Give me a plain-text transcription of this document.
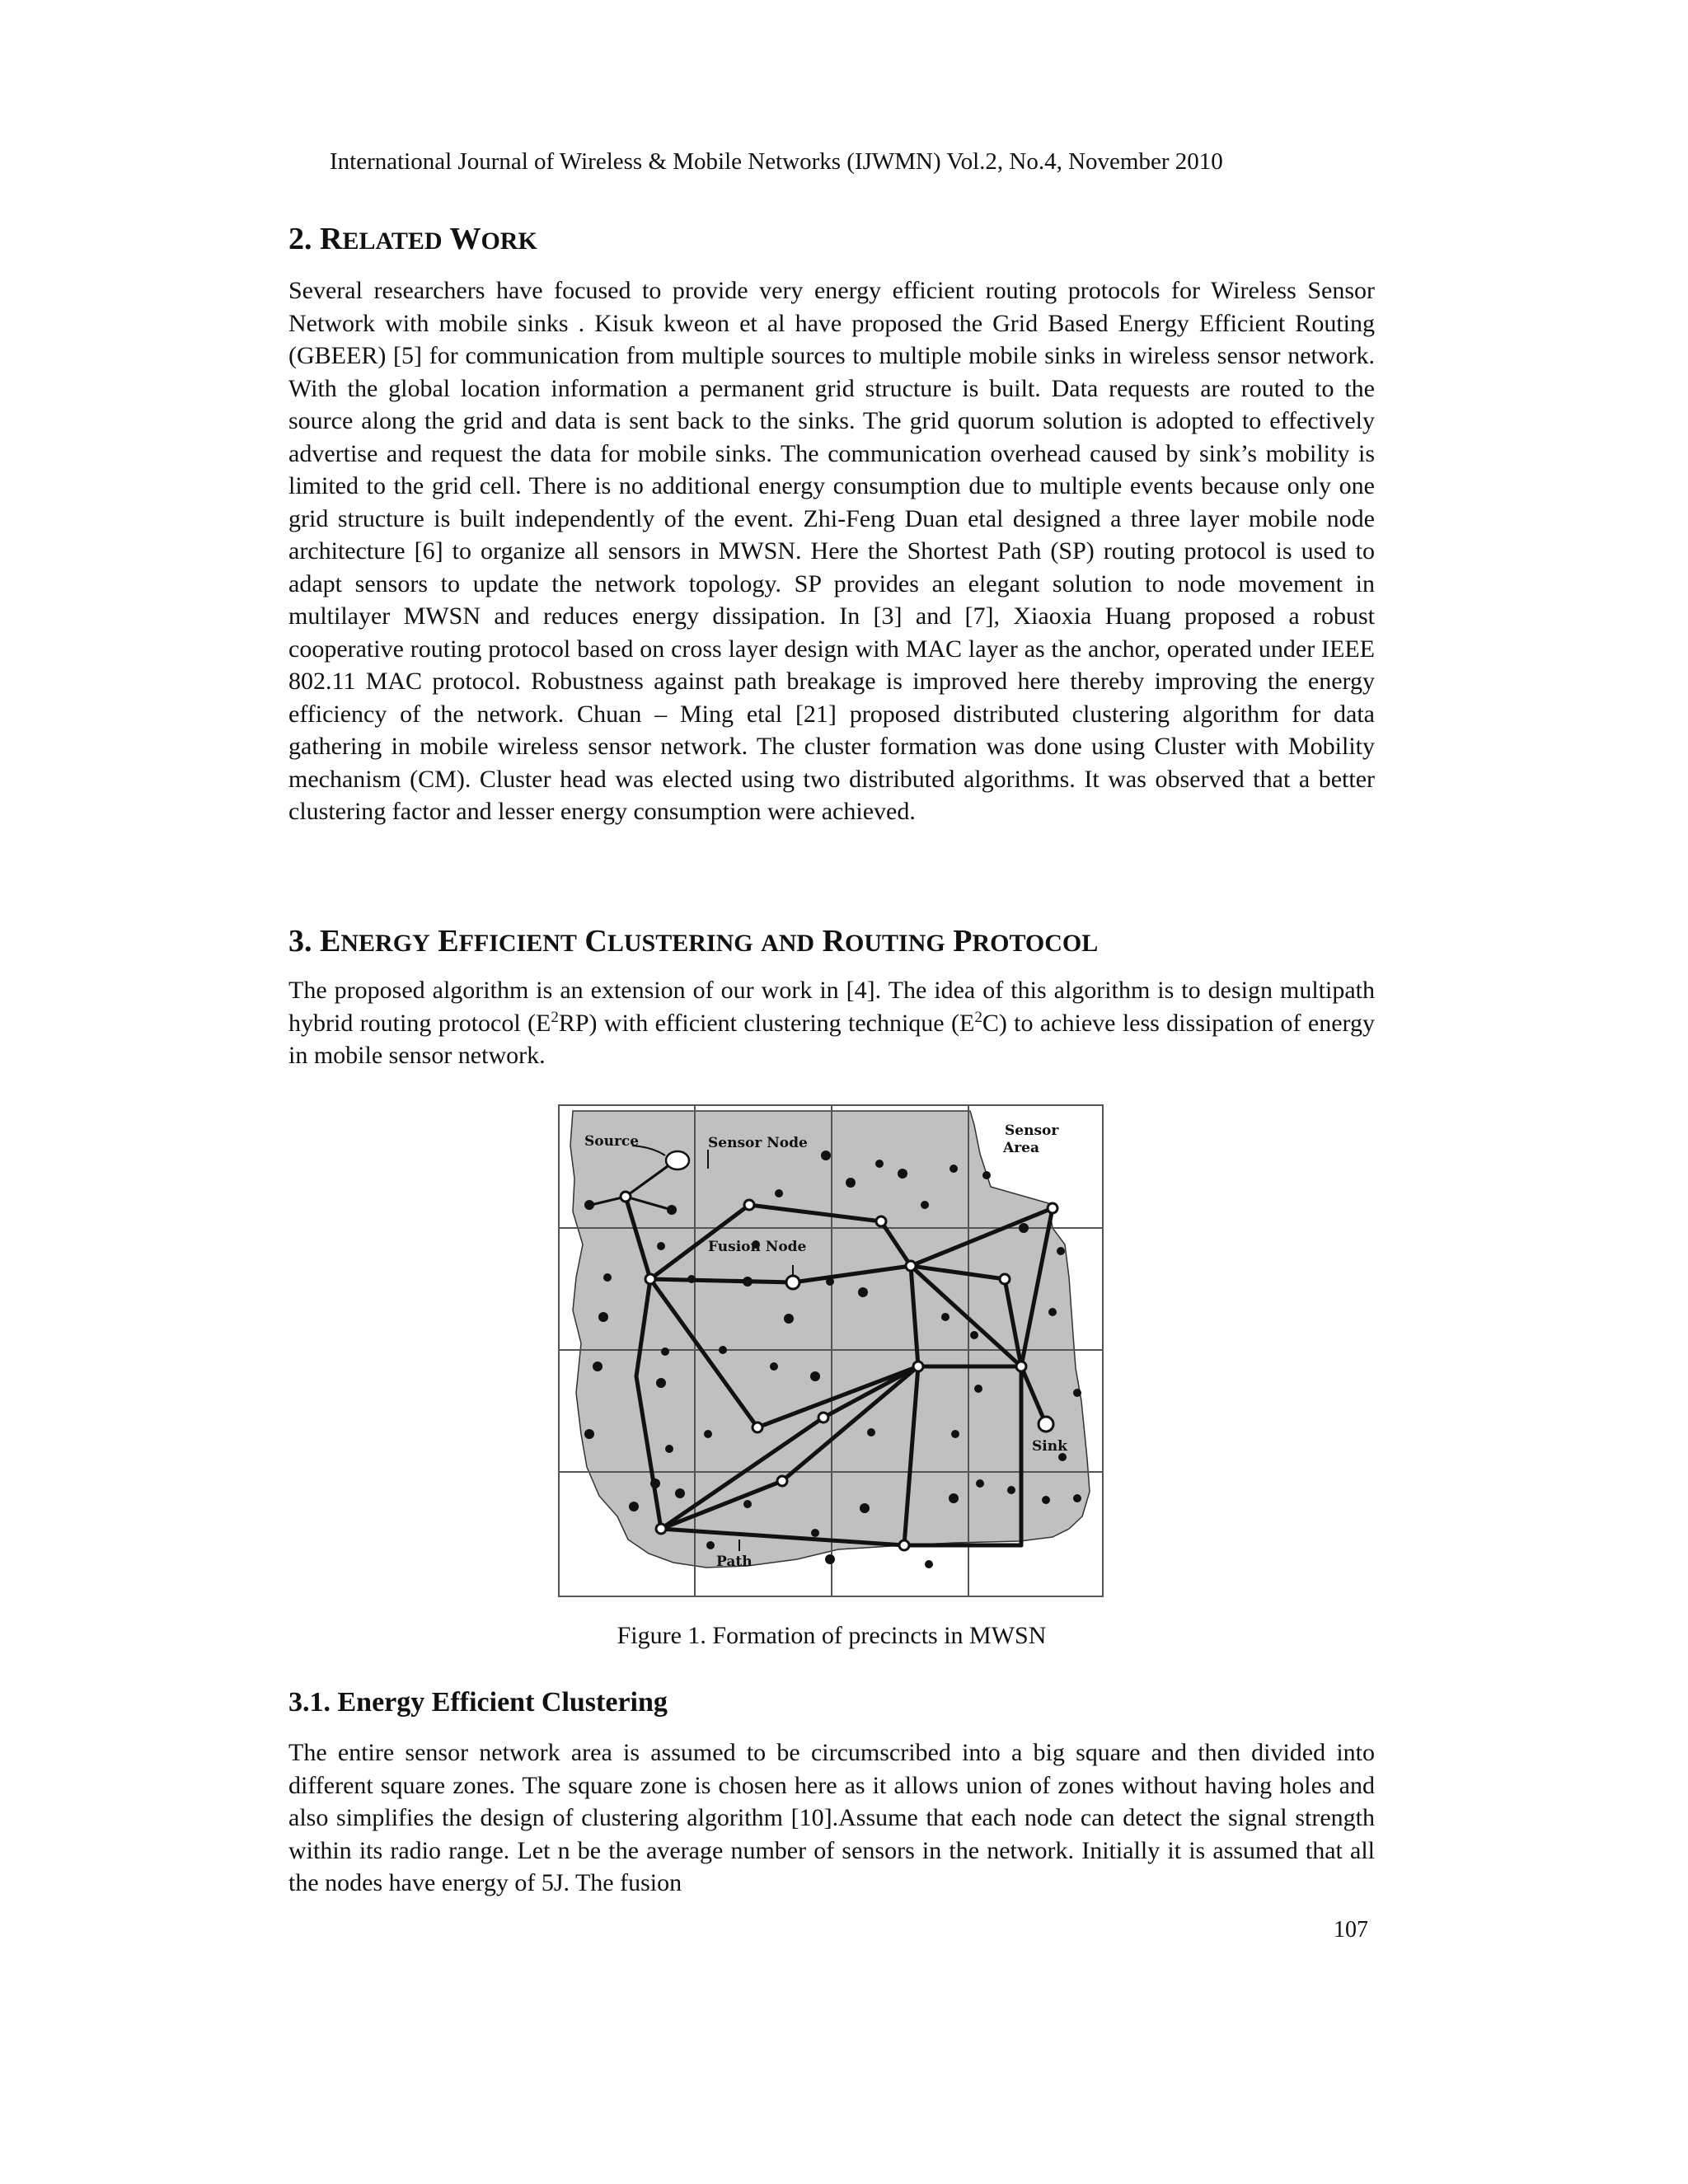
International Journal of Wireless & Mobile Networks (IJWMN) Vol.2, No.4, November 2010
2. RELATED WORK

Several researchers have focused to provide very energy efficient routing protocols for Wireless Sensor Network with mobile sinks . Kisuk kweon et al have proposed the Grid Based Energy Efficient Routing (GBEER) [5] for communication from multiple sources to multiple mobile sinks in wireless sensor network. With the global location information a permanent grid structure is built. Data requests are routed to the source along the grid and data is sent back to the sinks. The grid quorum solution is adopted to effectively advertise and request the data for mobile sinks. The communication overhead caused by sink’s mobility is limited to the grid cell. There is no additional energy consumption due to multiple events because only one grid structure is built independently of the event. Zhi-Feng Duan etal designed a three layer mobile node architecture [6] to organize all sensors in MWSN. Here the Shortest Path (SP) routing protocol is used to adapt sensors to update the network topology. SP provides an elegant solution to node movement in multilayer MWSN and reduces energy dissipation. In [3] and [7], Xiaoxia Huang proposed a robust cooperative routing protocol based on cross layer design with MAC layer as the anchor, operated under IEEE 802.11 MAC protocol. Robustness against path breakage is improved here thereby improving the energy efficiency of the network. Chuan – Ming etal [21] proposed distributed clustering algorithm for data gathering in mobile wireless sensor network. The cluster formation was done using Cluster with Mobility mechanism (CM). Cluster head was elected using two distributed algorithms. It was observed that a better clustering factor and lesser energy consumption were achieved.

3. ENERGY EFFICIENT CLUSTERING AND ROUTING PROTOCOL

The proposed algorithm is an extension of our work in [4]. The idea of this algorithm is to design multipath hybrid routing protocol $(E^2RP)$ with efficient clustering technique $(E^2C)$ to achieve less dissipation of energy in mobile sensor network.

Source	Sensor Node
Sensor
Area
Fusion Node
Sink
Path
Figure 1. Formation of precincts in MWSN
3.1. Energy Efficient Clustering

The entire sensor network area is assumed to be circumscribed into a big square and then divided into different square zones. The square zone is chosen here as it allows union of zones without having holes and also simplifies the design of clustering algorithm [10].Assume that each node can detect the signal strength within its radio range. Let n be the average number of sensors in the network. Initially it is assumed that all the nodes have energy of 5J. The fusion

107
